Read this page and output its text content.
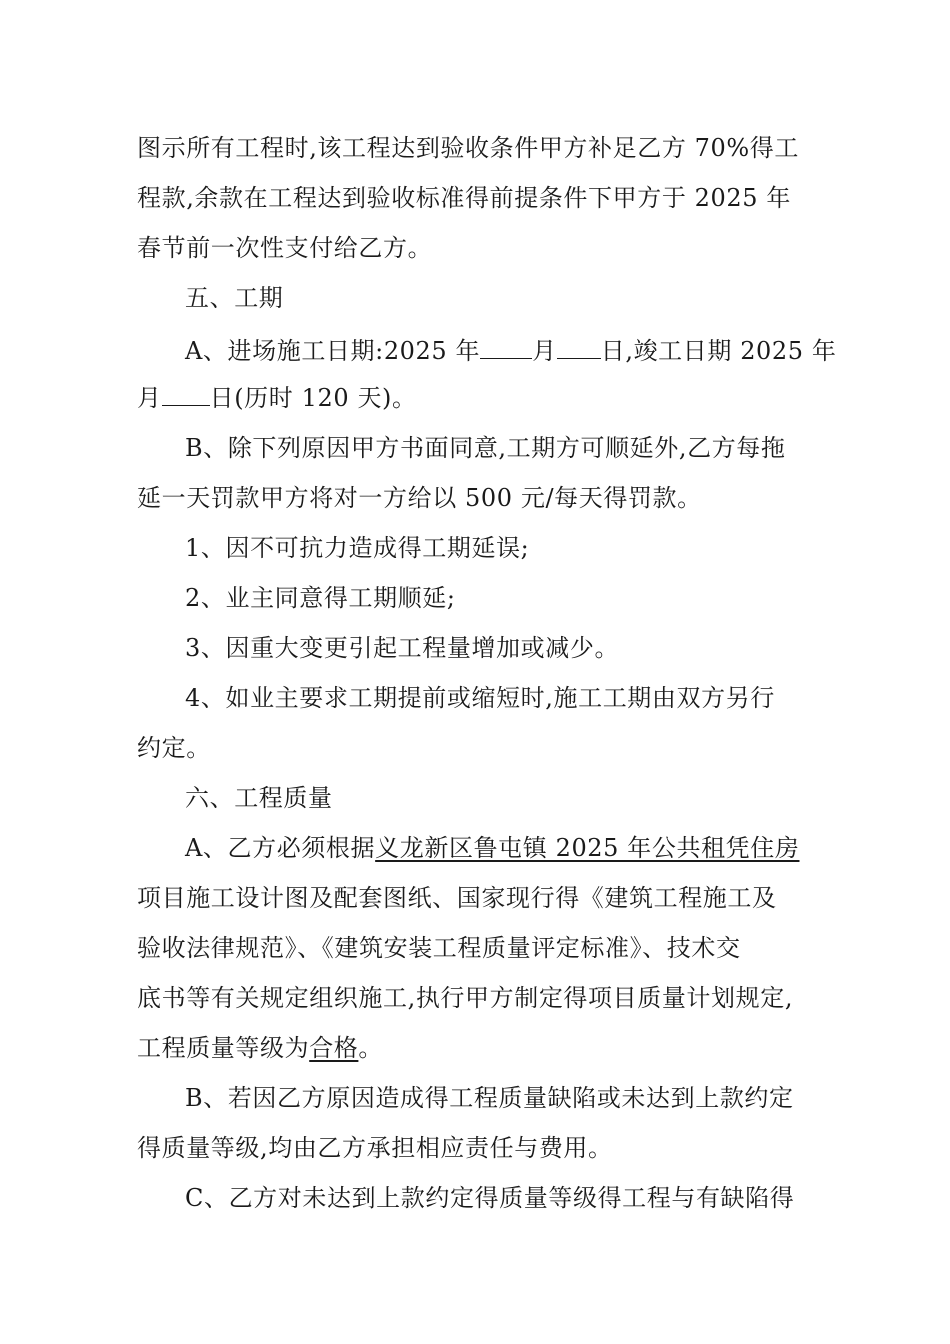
图示所有工程时,该工程达到验收条件甲方补足乙方 70%得工
程款,余款在工程达到验收标准得前提条件下甲方于 2025 年
春节前一次性支付给乙方。
五、工期
A、进场施工日期:2025 年 月 日,竣工日期 2025 年
月 日(历时 120 天)。
B、除下列原因甲方书面同意,工期方可顺延外,乙方每拖
延一天罚款甲方将对一方给以 500 元/每天得罚款。
1、因不可抗力造成得工期延误;
2、业主同意得工期顺延;
3、因重大变更引起工程量增加或减少。
4、如业主要求工期提前或缩短时,施工工期由双方另行
约定。
六、工程质量
A、乙方必须根据义龙新区鲁屯镇 2025 年公共租凭住房
项目施工设计图及配套图纸、国家现行得《建筑工程施工及
验收法律规范》、《建筑安装工程质量评定标准》、技术交
底书等有关规定组织施工,执行甲方制定得项目质量计划规定,
工程质量等级为合格。
B、若因乙方原因造成得工程质量缺陷或未达到上款约定
得质量等级,均由乙方承担相应责任与费用。
C、乙方对未达到上款约定得质量等级得工程与有缺陷得
